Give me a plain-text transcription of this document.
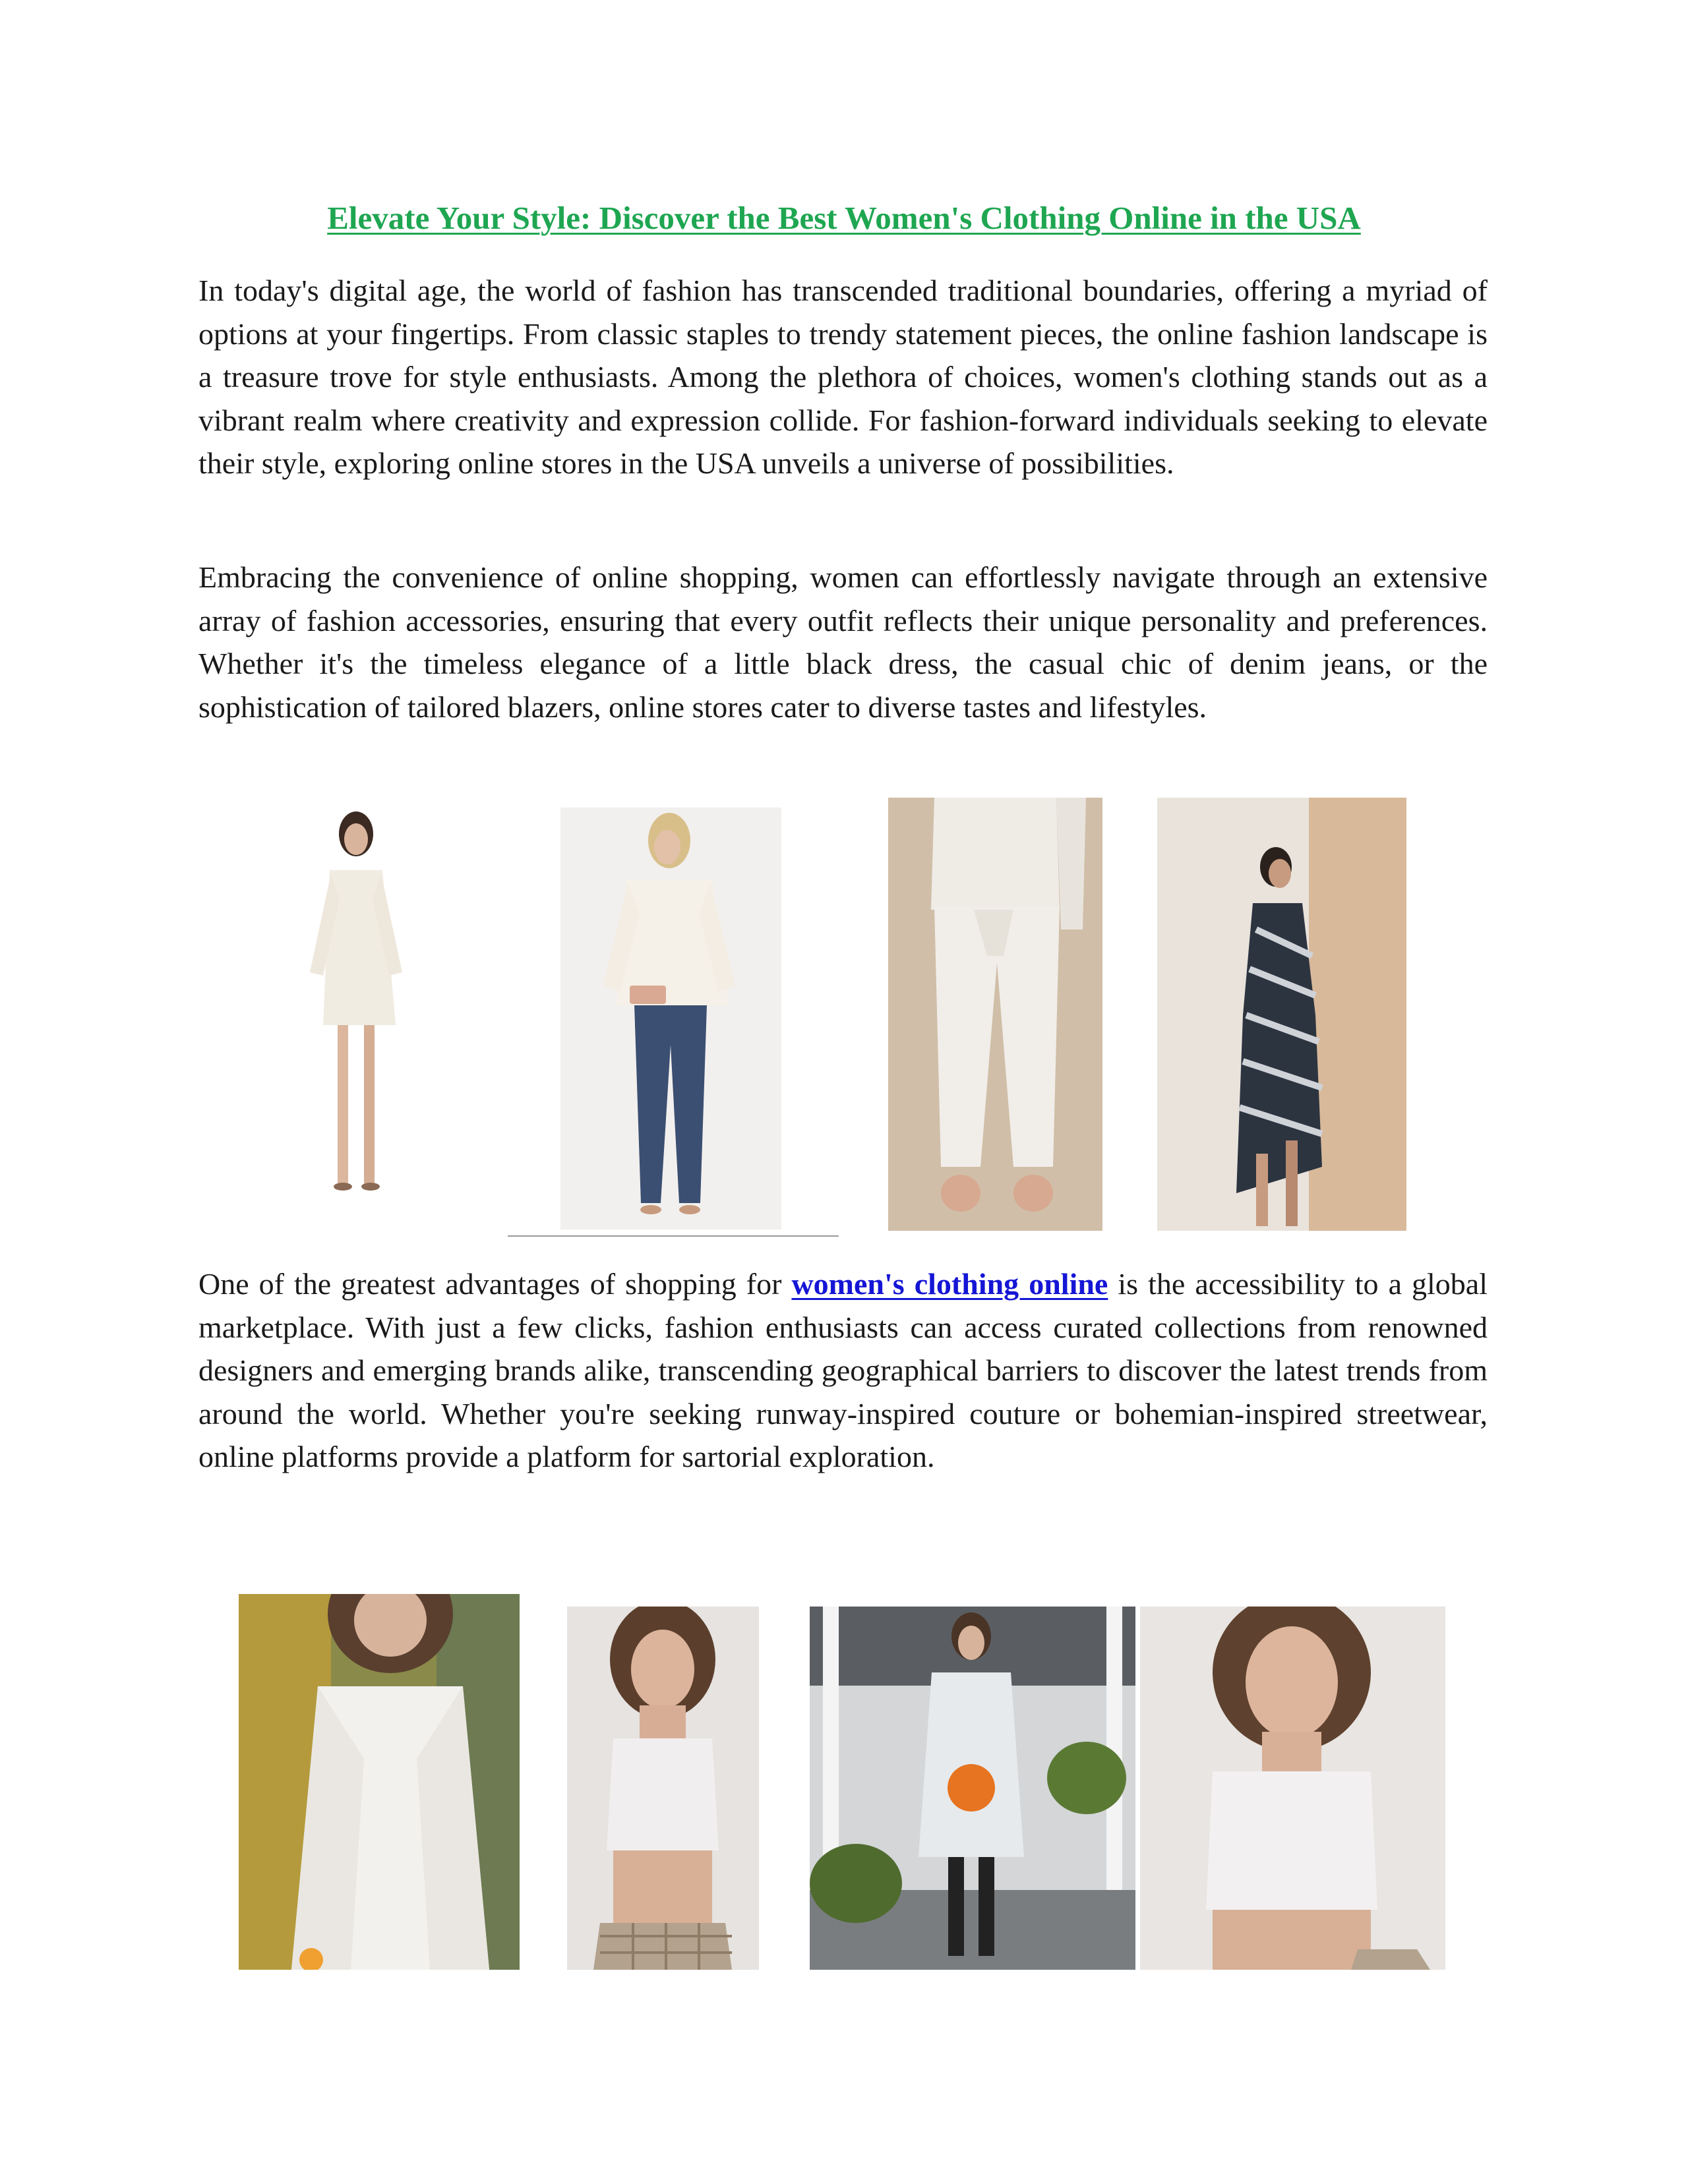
Elevate Your Style: Discover the Best Women's Clothing Online in the USA

In today's digital age, the world of fashion has transcended traditional boundaries, offering a myriad of options at your fingertips. From classic staples to trendy statement pieces, the online fashion landscape is a treasure trove for style enthusiasts. Among the plethora of choices, women's clothing stands out as a vibrant realm where creativity and expression collide. For fashion-forward individuals seeking to elevate their style, exploring online stores in the USA unveils a universe of possibilities.

Embracing the convenience of online shopping, women can effortlessly navigate through an extensive array of fashion accessories, ensuring that every outfit reflects their unique personality and preferences. Whether it's the timeless elegance of a little black dress, the casual chic of denim jeans, or the sophistication of tailored blazers, online stores cater to diverse tastes and lifestyles.

One of the greatest advantages of shopping for women's clothing online is the accessibility to a global marketplace. With just a few clicks, fashion enthusiasts can access curated collections from renowned designers and emerging brands alike, transcending geographical barriers to discover the latest trends from around the world. Whether you're seeking runway-inspired couture or bohemian-inspired streetwear, online platforms provide a platform for sartorial exploration.
